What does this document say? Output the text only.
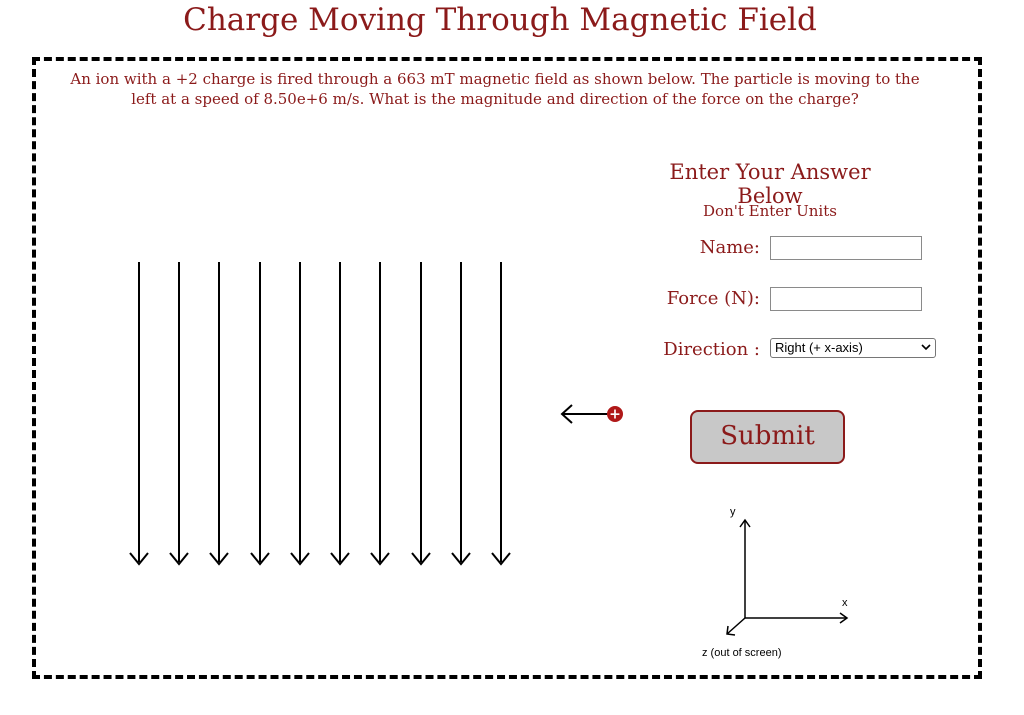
Charge Moving Through Magnetic Field
An ion with a +2 charge is fired through a 663 mT magnetic field as shown below. The particle is moving to the left at a speed of 8.50e+6 m/s. What is the magnitude and direction of the force on the charge?
+
Enter Your Answer Below
Don't Enter Units
Name:
Force (N):
Direction :	Right (+ x-axis)
Submit
y
x
z (out of screen)
